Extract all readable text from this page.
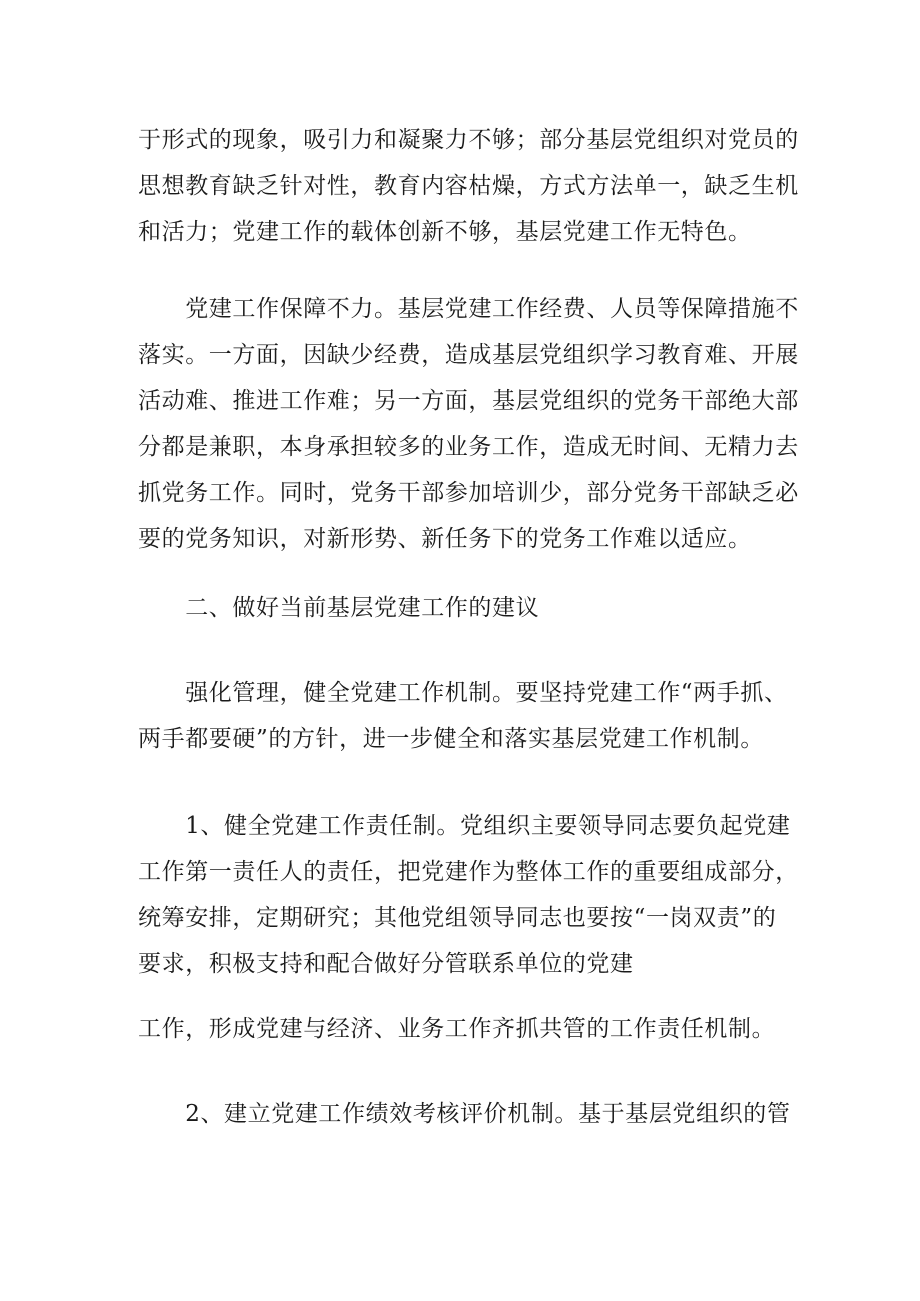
于形式的现象，吸引力和凝聚力不够；部分基层党组织对党员的
思想教育缺乏针对性，教育内容枯燥，方式方法单一，缺乏生机
和活力；党建工作的载体创新不够，基层党建工作无特色。

　　党建工作保障不力。基层党建工作经费、人员等保障措施不
落实。一方面，因缺少经费，造成基层党组织学习教育难、开展
活动难、推进工作难；另一方面，基层党组织的党务干部绝大部
分都是兼职，本身承担较多的业务工作，造成无时间、无精力去
抓党务工作。同时，党务干部参加培训少，部分党务干部缺乏必
要的党务知识，对新形势、新任务下的党务工作难以适应。

　　二、做好当前基层党建工作的建议

　　强化管理，健全党建工作机制。要坚持党建工作“两手抓、
两手都要硬”的方针，进一步健全和落实基层党建工作机制。

　　1、健全党建工作责任制。党组织主要领导同志要负起党建
工作第一责任人的责任，把党建作为整体工作的重要组成部分，
统筹安排，定期研究；其他党组领导同志也要按“一岗双责”的
要求，积极支持和配合做好分管联系单位的党建

工作，形成党建与经济、业务工作齐抓共管的工作责任机制。

　　2、建立党建工作绩效考核评价机制。基于基层党组织的管
